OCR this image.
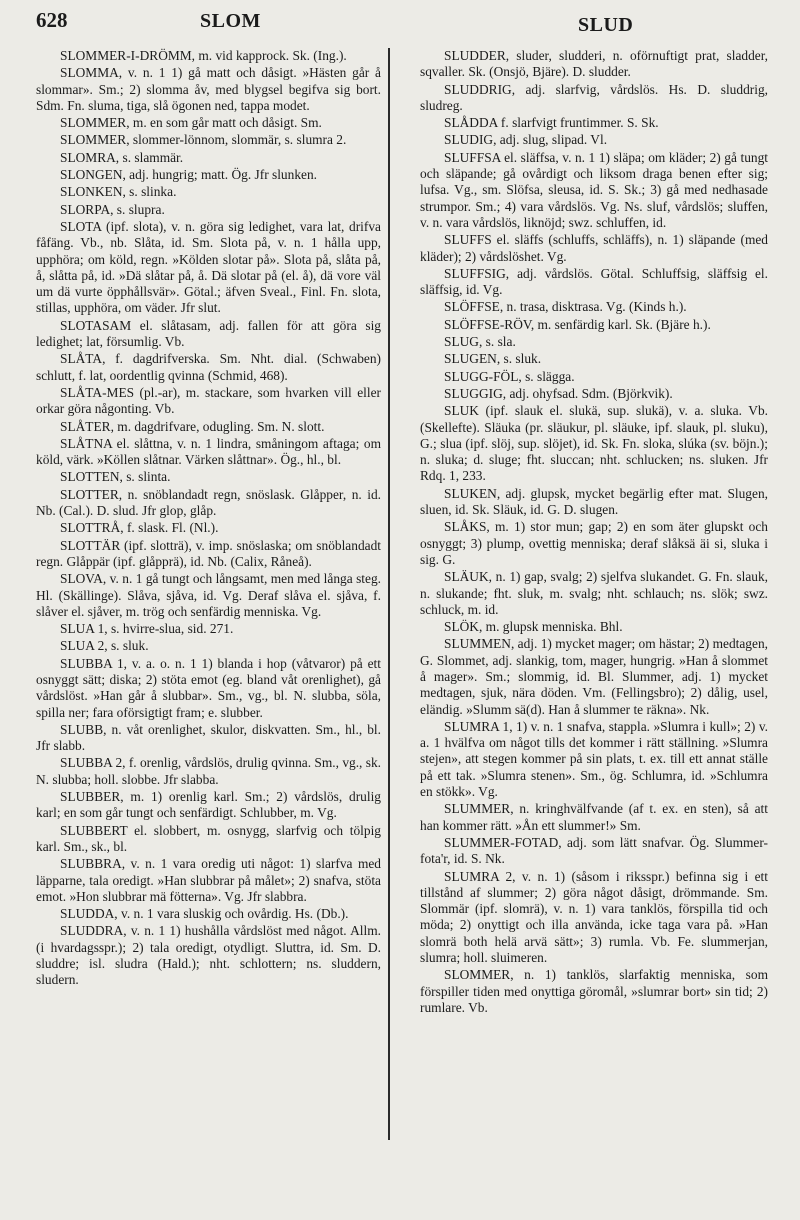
628	SLOM	SLUD

SLOMMER-I-DRÖMM, m. vid kapprock. Sk. (Ing.).

SLOMMA, v. n. 1 1) gå matt och dåsigt. »Hästen går å slommar». Sm.; 2) slomma åv, med blygsel begifva sig bort. Sdm. Fn. sluma, tiga, slå ögonen ned, tappa modet.

SLOMMER, m. en som går matt och dåsigt. Sm.

SLOMMER, slommer-lönnom, slommär, s. slumra 2.

SLOMRA, s. slammär.

SLONGEN, adj. hungrig; matt. Ög. Jfr slunken.

SLONKEN, s. slinka.

SLORPA, s. slupra.

SLOTA (ipf. slota), v. n. göra sig ledighet, vara lat, drifva fåfäng. Vb., nb. Slåta, id. Sm. Slota på, v. n. 1 hålla upp, upphöra; om köld, regn. »Kölden slotar på». Slota på, slåta på, å, slåtta på, id. »Dä slåtar på, å. Dä slotar på (el. å), dä vore väl um dä vurte öpphållsvär». Götal.; äfven Sveal., Finl. Fn. slota, stillas, upphöra, om väder. Jfr slut.

SLOTASAM el. slåtasam, adj. fallen för att göra sig ledighet; lat, försumlig. Vb.

SLÅTA, f. dagdrifverska. Sm. Nht. dial. (Schwaben) schlutt, f. lat, oordentlig qvinna (Schmid, 468).

SLÅTA-MES (pl.-ar), m. stackare, som hvarken vill eller orkar göra någonting. Vb.

SLÅTER, m. dagdrifvare, odugling. Sm. N. slott.

SLÅTNA el. slåttna, v. n. 1 lindra, småningom aftaga; om köld, värk. »Köllen slåtnar. Värken slåttnar». Ög., hl., bl.

SLOTTEN, s. slinta.

SLOTTER, n. snöblandadt regn, snöslask. Glåpper, n. id. Nb. (Cal.). D. slud. Jfr glop, glåp.

SLOTTRÅ, f. slask. Fl. (Nl.).

SLOTTÄR (ipf. slotträ), v. imp. snöslaska; om snöblandadt regn. Glåppär (ipf. glåpprä), id. Nb. (Calix, Råneå).

SLOVA, v. n. 1 gå tungt och långsamt, men med långa steg. Hl. (Skällinge). Slåva, sjåva, id. Vg. Deraf slåva el. sjåva, f. slåver el. sjåver, m. trög och senfärdig menniska. Vg.

SLUA 1, s. hvirre-slua, sid. 271.

SLUA 2, s. sluk.

SLUBBA 1, v. a. o. n. 1 1) blanda i hop (våtvaror) på ett osnyggt sätt; diska; 2) stöta emot (eg. bland våt orenlighet), gå vårdslöst. »Han går å slubbar». Sm., vg., bl. N. slubba, söla, spilla ner; fara oförsigtigt fram; e. slubber.

SLUBB, n. våt orenlighet, skulor, diskvatten. Sm., hl., bl. Jfr slabb.

SLUBBA 2, f. orenlig, vårdslös, drulig qvinna. Sm., vg., sk. N. slubba; holl. slobbe. Jfr slabba.

SLUBBER, m. 1) orenlig karl. Sm.; 2) vårdslös, drulig karl; en som går tungt och senfärdigt. Schlubber, m. Vg.

SLUBBERT el. slobbert, m. osnygg, slarfvig och tölpig karl. Sm., sk., bl.

SLUBBRA, v. n. 1 vara oredig uti något: 1) slarfva med läpparne, tala oredigt. »Han slubbrar på målet»; 2) snafva, stöta emot. »Hon slubbrar mä fötterna». Vg. Jfr slabbra.

SLUDDA, v. n. 1 vara sluskig och ovårdig. Hs. (Db.).

SLUDDRA, v. n. 1 1) hushålla vårdslöst med något. Allm. (i hvardagsspr.); 2) tala oredigt, otydligt. Sluttra, id. Sm. D. sluddre; isl. sludra (Hald.); nht. schlottern; ns. sluddern, sludern.

SLUDDER, sluder, sludderi, n. oförnuftigt prat, sladder, sqvaller. Sk. (Onsjö, Bjäre). D. sludder.

SLUDDRIG, adj. slarfvig, vårdslös. Hs. D. sluddrig, sludreg.

SLÅDDA f. slarfvigt fruntimmer. S. Sk.

SLUDIG, adj. slug, slipad. Vl.

SLUFFSA el. släffsa, v. n. 1 1) släpa; om kläder; 2) gå tungt och släpande; gå ovårdigt och liksom draga benen efter sig; lufsa. Vg., sm. Slöfsa, sleusa, id. S. Sk.; 3) gå med nedhasade strumpor. Sm.; 4) vara vårdslös. Vg. Ns. sluf, vårdslös; sluffen, v. n. vara vårdslös, liknöjd; swz. schluffen, id.

SLUFFS el. släffs (schluffs, schläffs), n. 1) släpande (med kläder); 2) vårdslöshet. Vg.

SLUFFSIG, adj. vårdslös. Götal. Schluffsig, släffsig el. släffsig, id. Vg.

SLÖFFSE, n. trasa, disktrasa. Vg. (Kinds h.).

SLÖFFSE-RÖV, m. senfärdig karl. Sk. (Bjäre h.).

SLUG, s. sla.

SLUGEN, s. sluk.

SLUGG-FÖL, s. slägga.

SLUGGIG, adj. ohyfsad. Sdm. (Björkvik).

SLUK (ipf. slauk el. slukä, sup. slukä), v. a. sluka. Vb. (Skellefte). Släuka (pr. släukur, pl. släuke, ipf. slauk, pl. sluku), G.; slua (ipf. slöj, sup. slöjet), id. Sk. Fn. sloka, slúka (sv. böjn.); n. sluka; d. sluge; fht. sluccan; nht. schlucken; ns. sluken. Jfr Rdq. 1, 233.

SLUKEN, adj. glupsk, mycket begärlig efter mat. Slugen, sluen, id. Sk. Släuk, id. G. D. slugen.

SLÅKS, m. 1) stor mun; gap; 2) en som äter glupskt och osnyggt; 3) plump, ovettig menniska; deraf slåksä äi si, sluka i sig. G.

SLÄUK, n. 1) gap, svalg; 2) sjelfva slukandet. G. Fn. slauk, n. slukande; fht. sluk, m. svalg; nht. schlauch; ns. slök; swz. schluck, m. id.

SLÖK, m. glupsk menniska. Bhl.

SLUMMEN, adj. 1) mycket mager; om hästar; 2) medtagen, G. Slommet, adj. slankig, tom, mager, hungrig. »Han å slommet å mager». Sm.; slommig, id. Bl. Slummer, adj. 1) mycket medtagen, sjuk, nära döden. Vm. (Fellingsbro); 2) dålig, usel, eländig. »Slumm sä(d). Han å slummer te räkna». Nk.

SLUMRA 1, 1) v. n. 1 snafva, stappla. »Slumra i kull»; 2) v. a. 1 hvälfva om något tills det kommer i rätt ställning. »Slumra stejen», att stegen kommer på sin plats, t. ex. till ett annat ställe på ett tak. »Slumra stenen». Sm., ög. Schlumra, id. »Schlumra en stökk». Vg.

SLUMMER, n. kringhvälfvande (af t. ex. en sten), så att han kommer rätt. »Ån ett slummer!» Sm.

SLUMMER-FOTAD, adj. som lätt snafvar. Ög. Slummer-fota'r, id. S. Nk.

SLUMRA 2, v. n. 1) (såsom i riksspr.) befinna sig i ett tillstånd af slummer; 2) göra något dåsigt, drömmande. Sm. Slommär (ipf. slomrä), v. n. 1) vara tanklös, förspilla tid och möda; 2) onyttigt och illa använda, icke taga vara på. »Han slomrä both helä arvä sätt»; 3) rumla. Vb. Fe. slummerjan, slumra; holl. sluimeren.

SLOMMER, n. 1) tanklös, slarfaktig menniska, som förspiller tiden med onyttiga göromål, »slumrar bort» sin tid; 2) rumlare. Vb.
